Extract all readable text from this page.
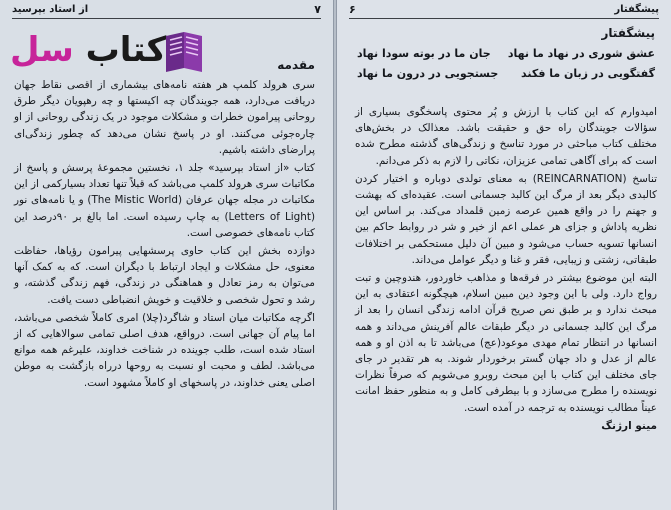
۷
از استاد بپرسید
کتاب سل	مقدمه

سری هرولد کلمپ هر هفته نامه‌های بیشماری از اقصی نقاط جهان دریافت می‌دارد، همه جویندگان چه اکیستها و چه رهپویان دیگر طرق روحانی پیرامون خطرات و مشکلات موجود در یک زندگی روحانی از او چاره‌جوئی می‌کنند. او در پاسخ نشان می‌دهد که چطور زندگی‌ای پرارضای داشته باشیم.

کتاب «از استاد بپرسید» جلد ۱، نخستین مجموعهٔ پرسش و پاسخ از مکاتبات سری هرولد کلمپ می‌باشد که قبلاً تنها تعداد بسیارکمی از این مکاتبات در مجله جهان عرفان (The Mistic World) و یا نامه‌های نور (Letters of Light) به چاپ رسیده است. اما بالغ بر ۹۰درصد این کتاب نامه‌های خصوصی است.

دوازده بخش این کتاب حاوی پرسشهایی پیرامون رؤیاها، حفاظت معنوی، حل مشکلات و ایجاد ارتباط با دیگران است. که به کمک آنها می‌توان به رمز تعادل و هماهنگی در زندگی، فهم زندگی گذشته، و رشد و تحول شخصی و خلاقیت و خویش انضباطی دست یافت.

اگرچه مکاتبات میان استاد و شاگرد(چلا) امری کاملاً شخصی می‌باشد، اما پیام آن جهانی است. درواقع، هدف اصلی تمامی سوالاهایی که از استاد شده است، طلب جوینده در شناخت خداوند، علیرغم همه موانع می‌باشد. لطف و محبت او نسبت به روحها درراه بازگشت به موطن اصلی یعنی خداوند، در پاسخهای او کاملاً مشهود است.

پیشگفتار
۶
پیشگفتار
عشق شوری در نهاد ما نهاد
جان ما در بوته سودا نهاد
گفتگویی در زبان ما فکند
جستجویی در درون ما نهاد

امیدوارم که این کتاب با ارزش و پُر محتوی پاسخگوی بسیاری از سؤالات جویندگان راه حق و حقیقت باشد. معذالک در بخش‌های مختلف کتاب مباحثی در مورد تناسخ و زندگی‌های گذشته مطرح شده است که برای آگاهی تمامی عزیزان، نکاتی را لازم به ذکر می‌دانم.

تناسخ (REINCARNATION) به معنای تولدی دوباره و اختیار کردن کالبدی دیگر بعد از مرگ این کالبد جسمانی است. عقیده‌ای که بهشت و جهنم را در واقع همین عرصه زمین قلمداد می‌کند. بر اساس این نظریه پاداش و جزای هر عملی اعم از خیر و شر در روابط حاکم بین انسانها تسویه حساب می‌شود و مبین آن دلیل مستحکمی بر اختلافات طبقاتی، زشتی و زیبایی، فقر و غنا و دیگر عوامل می‌داند.

البته این موضوع بیشتر در فرقه‌ها و مذاهب خاوردور، هندوچین و تبت رواج دارد. ولی با این وجود دین مبین اسلام، هیچگونه اعتقادی به این مبحث ندارد و بر طبق نص صریح قرآن ادامه زندگی انسان را بعد از مرگ این کالبد جسمانی در دیگر طبقات عالم آفرینش می‌داند و همه انسانها در انتظار تمام مهدی موعود(عج) می‌باشد تا به اذن او و همه عالم از عدل و داد جهان گستر برخوردار شوند. به هر تقدیر در جای جای مختلف این کتاب با این مبحث روبرو می‌شویم که صرفاً نظرات نویسنده را مطرح می‌سازد و با بیطرفی کامل و به منظور حفظ امانت عیناً مطالب نویسنده به ترجمه در آمده است.

مینو ارژنگ
